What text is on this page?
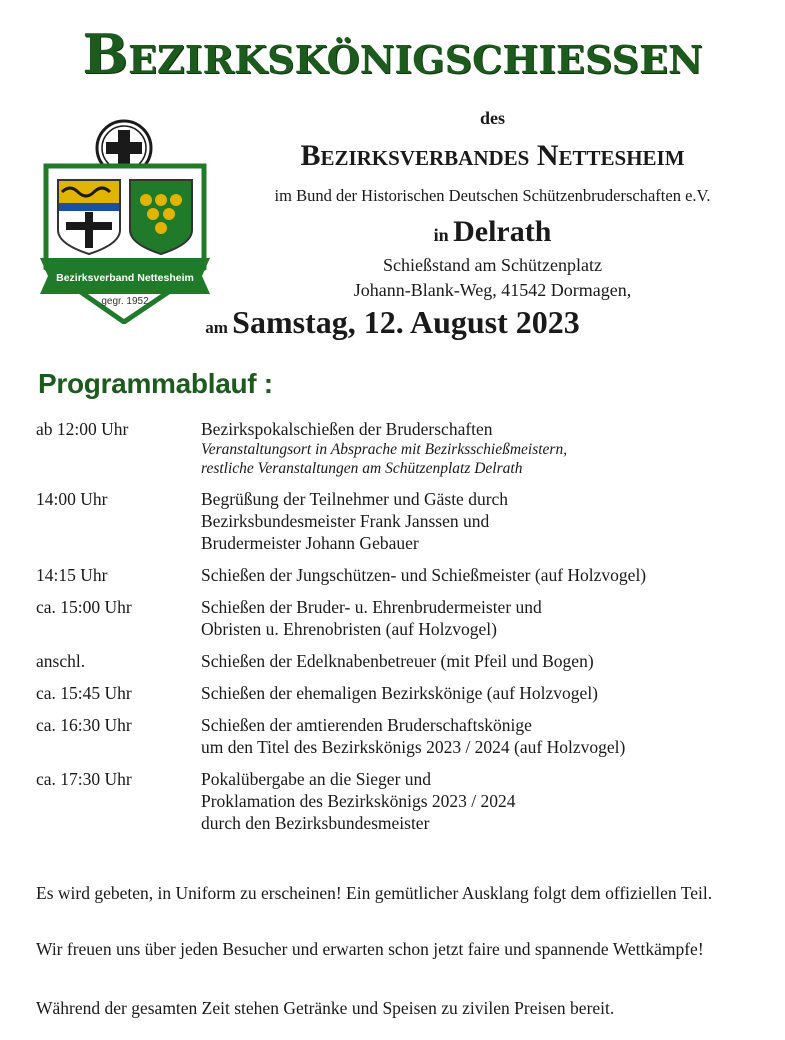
Bezirkskönigschießen
Bezirksverband Nettesheim
gegr. 1952
des
Bezirksverbandes Nettesheim
im Bund der Historischen Deutschen Schützenbruderschaften e.V.
in Delrath
Schießstand am Schützenplatz
Johann-Blank-Weg, 41542 Dormagen,
am Samstag, 12. August 2023
Programmablauf :
ab 12:00 Uhr	Bezirkspokalschießen der Bruderschaften
Veranstaltungsort in Absprache mit Bezirksschießmeistern,
restliche Veranstaltungen am Schützenplatz Delrath
14:00 Uhr	Begrüßung der Teilnehmer und Gäste durch
Bezirksbundesmeister Frank Janssen und
Brudermeister Johann Gebauer
14:15 Uhr	Schießen der Jungschützen- und Schießmeister (auf Holzvogel)
ca. 15:00 Uhr	Schießen der Bruder- u. Ehrenbrudermeister und
Obristen u. Ehrenobristen (auf Holzvogel)
anschl.	Schießen der Edelknabenbetreuer (mit Pfeil und Bogen)
ca. 15:45 Uhr	Schießen der ehemaligen Bezirkskönige (auf Holzvogel)
ca. 16:30 Uhr	Schießen der amtierenden Bruderschaftskönige
um den Titel des Bezirkskönigs 2023 / 2024 (auf Holzvogel)
ca. 17:30 Uhr	Pokalübergabe an die Sieger und
Proklamation des Bezirkskönigs 2023 / 2024
durch den Bezirksbundesmeister
Es wird gebeten, in Uniform zu erscheinen! Ein gemütlicher Ausklang folgt dem offiziellen Teil.
Wir freuen uns über jeden Besucher und erwarten schon jetzt faire und spannende Wettkämpfe!
Während der gesamten Zeit stehen Getränke und Speisen zu zivilen Preisen bereit.
